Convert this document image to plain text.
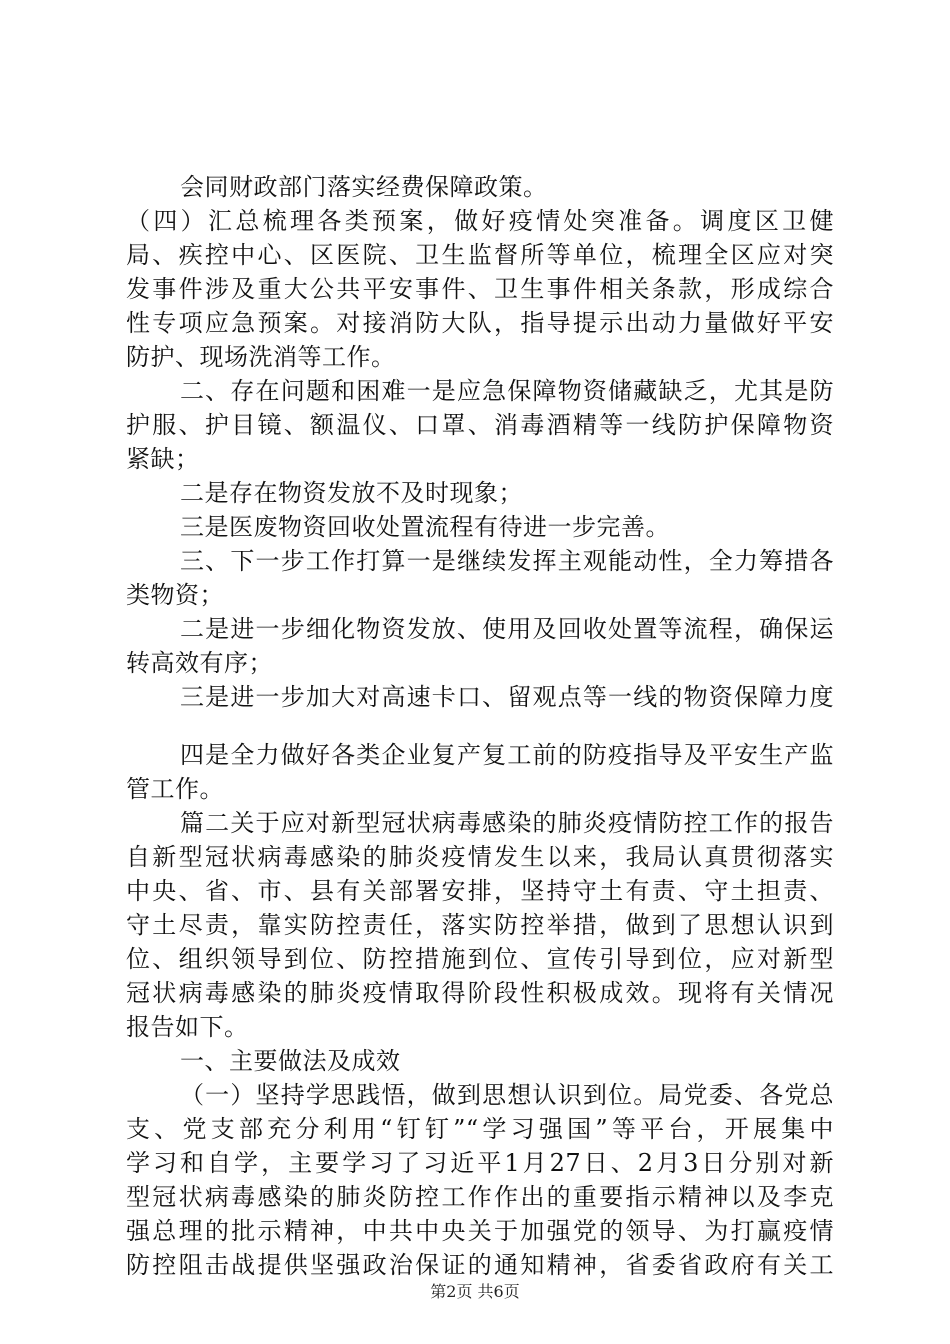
会同财政部门落实经费保障政策。
（四）汇总梳理各类预案，做好疫情处突准备。调度区卫健
局、疾控中心、区医院、卫生监督所等单位，梳理全区应对突
发事件涉及重大公共平安事件、卫生事件相关条款，形成综合
性专项应急预案。对接消防大队，指导提示出动力量做好平安
防护、现场洗消等工作。
二、存在问题和困难一是应急保障物资储藏缺乏，尤其是防
护服、护目镜、额温仪、口罩、消毒酒精等一线防护保障物资
紧缺；
二是存在物资发放不及时现象；
三是医废物资回收处置流程有待进一步完善。
三、下一步工作打算一是继续发挥主观能动性，全力筹措各
类物资；
二是进一步细化物资发放、使用及回收处置等流程，确保运
转高效有序；
三是进一步加大对高速卡口、留观点等一线的物资保障力度
四是全力做好各类企业复产复工前的防疫指导及平安生产监
管工作。
篇二关于应对新型冠状病毒感染的肺炎疫情防控工作的报告
自新型冠状病毒感染的肺炎疫情发生以来，我局认真贯彻落实
中央、省、市、县有关部署安排，坚持守土有责、守土担责、
守土尽责，靠实防控责任，落实防控举措，做到了思想认识到
位、组织领导到位、防控措施到位、宣传引导到位，应对新型
冠状病毒感染的肺炎疫情取得阶段性积极成效。现将有关情况
报告如下。
一、主要做法及成效
（一）坚持学思践悟，做到思想认识到位。局党委、各党总
支、党支部充分利用“钉钉”“学习强国”等平台，开展集中
学习和自学，主要学习了习近平1月27日、2月3日分别对新
型冠状病毒感染的肺炎防控工作作出的重要指示精神以及李克
强总理的批示精神，中共中央关于加强党的领导、为打赢疫情
防控阻击战提供坚强政治保证的通知精神，省委省政府有关工
第2页 共6页
